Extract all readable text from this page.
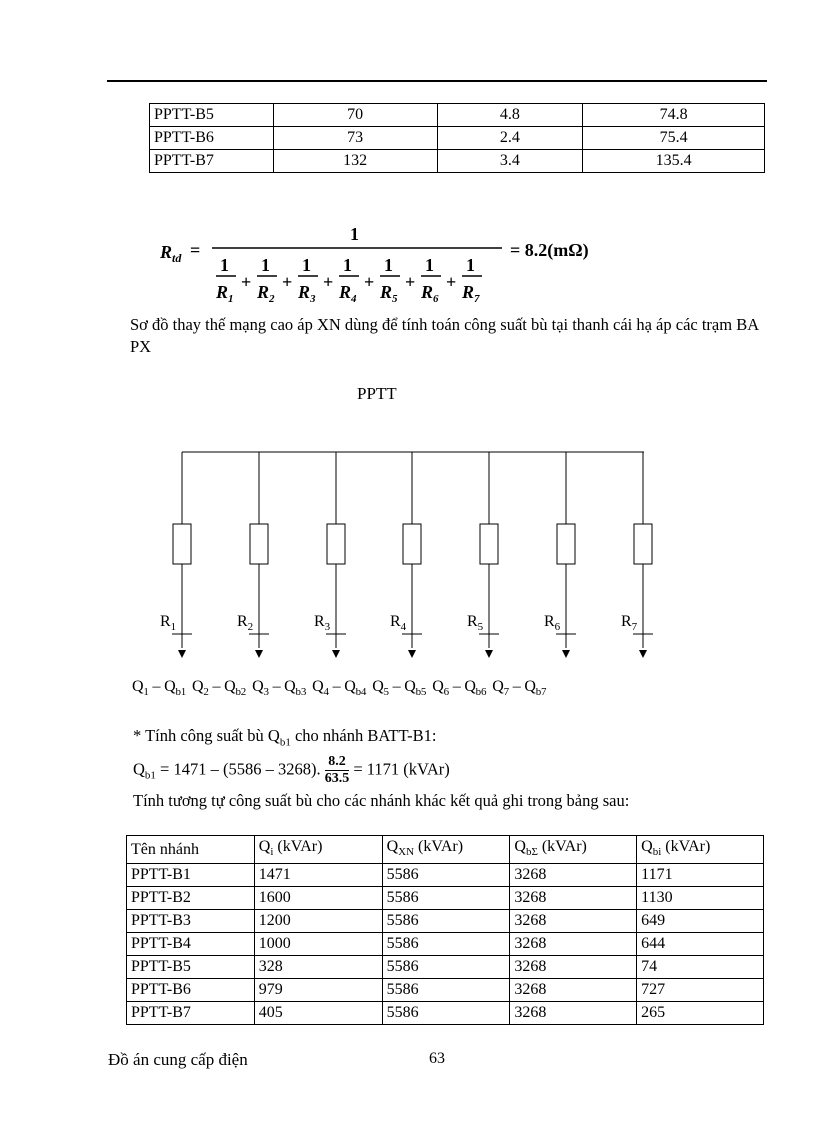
PPTT-B5	70	4.8	74.8
PPTT-B6	73	2.4	75.4
PPTT-B7	132	3.4	135.4
$R_{td}$ =
1
1
$R_1$
+
1
$R_2$
+
1
$R_3$
+
1
$R_4$
+
1
$R_5$
+
1
$R_6$
+
1
$R_7$
= 8.2(mΩ)
Sơ đồ thay thế mạng cao áp XN dùng để tính toán công suất bù tại thanh cái hạ áp các trạm BA PX
PPTT
$R_1$	$R_2$	$R_3$	$R_4$	$R_5$	$R_6$	$R_7$
$Q_1 - Q_{b1}$ $Q_2 - Q_{b2}$ $Q_3 - Q_{b3}$ $Q_4 - Q_{b4}$ $Q_5 - Q_{b5}$ $Q_6 - Q_{b6}$ $Q_7 - Q_{b7}$
* Tính công suất bù $Q_{b1}$ cho nhánh BATT-B1:
$Q_{b1} = 1471 - (5586 - 3268)$. $\frac{8.2}{63.5} = 1171$ (kVAr)
Tính tương tự công suất bù cho các nhánh khác kết quả ghi trong bảng sau:
Tên nhánh	$Q_i$ (kVAr)	$Q_{XN}$ (kVAr)	$Q_{b\Sigma}$ (kVAr)	$Q_{bi}$ (kVAr)
PPTT-B1	1471	5586	3268	1171
PPTT-B2	1600	5586	3268	1130
PPTT-B3	1200	5586	3268	649
PPTT-B4	1000	5586	3268	644
PPTT-B5	328	5586	3268	74
PPTT-B6	979	5586	3268	727
PPTT-B7	405	5586	3268	265
Đồ án cung cấp điện	63
